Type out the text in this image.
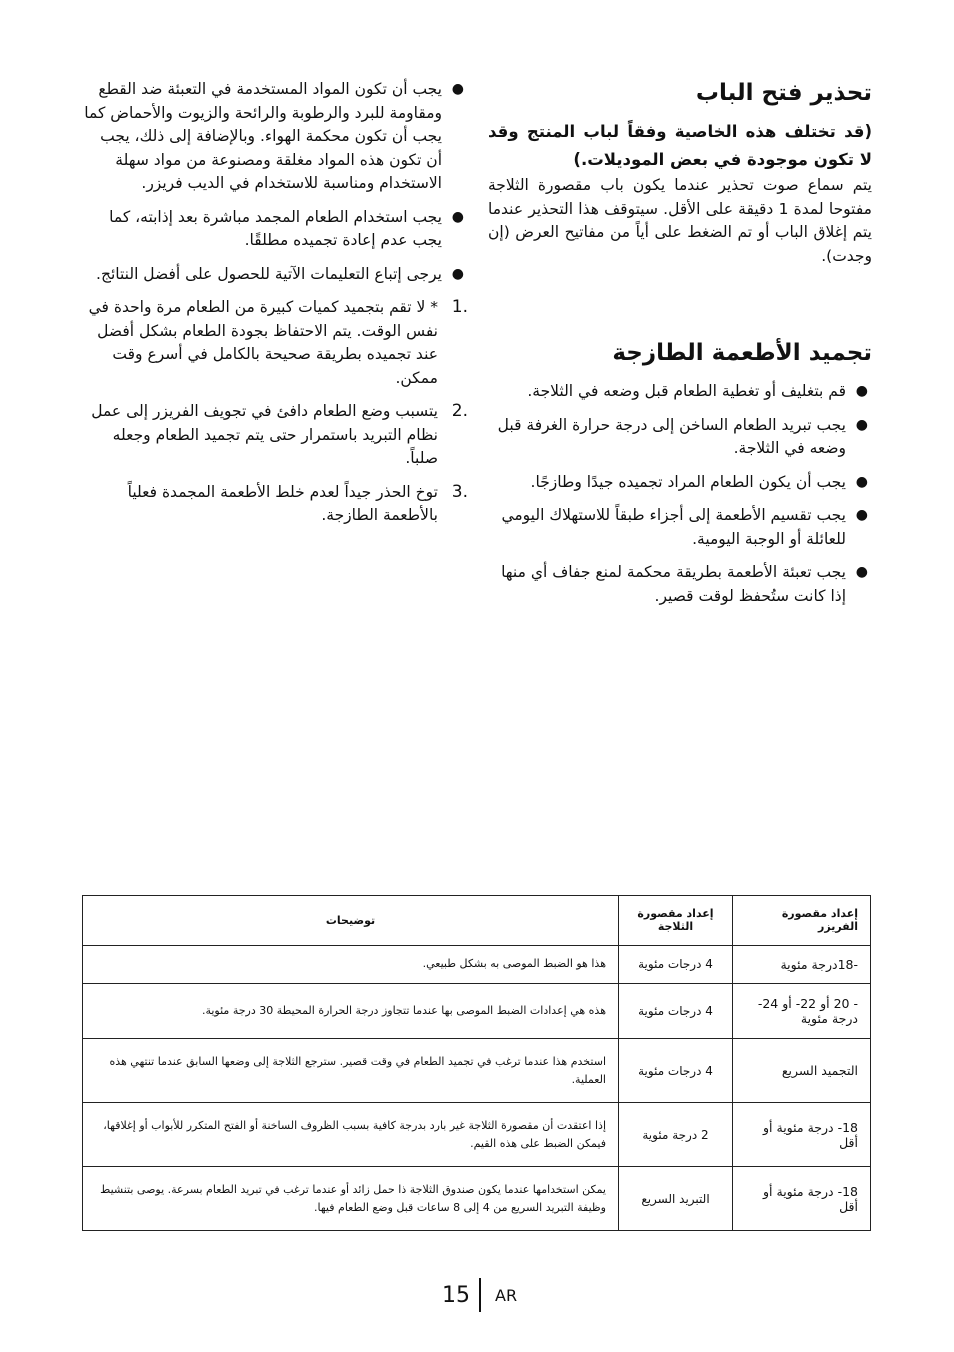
تحذير فتح الباب

(قد تختلف هذه الخاصية وفقاً لباب المنتج وقد لا تكون موجودة في بعض الموديلات.)

يتم سماع صوت تحذير عندما يكون باب مقصورة الثلاجة مفتوحا لمدة 1 دقيقة على الأقل. سيتوقف هذا التحذير عندما يتم إغلاق الباب أو تم الضغط على أياً من مفاتيح العرض (إن وجدت).

تجميد الأطعمة الطازجة
●
قم بتغليف أو تغطية الطعام قبل وضعه في الثلاجة.
●
يجب تبريد الطعام الساخن إلى درجة حرارة الغرفة قبل وضعه في الثلاجة.
●
يجب أن يكون الطعام المراد تجميده جيدًا وطازجًا.
●
يجب تقسيم الأطعمة إلى أجزاء طبقاً للاستهلاك اليومي للعائلة أو الوجبة اليومية.
●
يجب تعبئة الأطعمة بطريقة محكمة لمنع جفاف أي منها إذا كانت ستُحفظ لوقت قصير.
●
يجب أن تكون المواد المستخدمة في التعبئة ضد القطع ومقاومة للبرد والرطوبة والرائحة والزيوت والأحماض كما يجب أن تكون محكمة الهواء. وبالإضافة إلى ذلك، يجب أن تكون هذه المواد مغلقة ومصنوعة من مواد سهلة الاستخدام ومناسبة للاستخدام في الديب فريزر.
●
يجب استخدام الطعام المجمد مباشرة بعد إذابته، كما يجب عدم إعادة تجميده مطلقًا.
●
يرجى إتباع التعليمات الآتية للحصول على أفضل النتائج.
1.
* لا تقم بتجميد كميات كبيرة من الطعام مرة واحدة في نفس الوقت. يتم الاحتفاظ بجودة الطعام بشكل أفضل عند تجميده بطريقة صحيحة بالكامل في أسرع وقت ممكن.
2.
يتسبب وضع الطعام دافئ في تجويف الفريزر إلى عمل نظام التبريد باستمرار حتى يتم تجميد الطعام وجعله صلباً.
3.
توخ الحذر جيداً لعدم خلط الأطعمة المجمدة فعلياً بالأطعمة الطازجة.
إعداد مقصورة الفريزر	إعداد مقصورة الثلاجة	توضيحات
-18درجة مئوية	4 درجات مئوية	هذا هو الضبط الموصى به بشكل طبيعي.
- 20 أو 22- أو 24- درجة مئوية	4 درجات مئوية	هذه هي إعدادات الضبط الموصى بها عندما تتجاوز درجة الحرارة المحيطة 30 درجة مئوية.
التجميد السريع	4 درجات مئوية	استخدم هذا عندما ترغب في تجميد الطعام في وقت قصير. سترجع الثلاجة إلى وضعها السابق عندما تنتهي هذه العملية.
18- درجة مئوية أو أقل	2 درجة مئوية	إذا اعتقدت أن مقصورة الثلاجة غير بارد بدرجة كافية بسبب الظروف الساخنة أو الفتح المتكرر للأبواب أو إغلاقها، فيمكن الضبط على هذه القيم.
18- درجة مئوية أو أقل	التبريد السريع	يمكن استخدامها عندما يكون صندوق الثلاجة ذا حمل زائد أو عندما ترغب في تبريد الطعام بسرعة. يوصى بتنشيط وظيفة التبريد السريع من 4 إلى 8 ساعات قبل وضع الطعام فيها.
15 AR
